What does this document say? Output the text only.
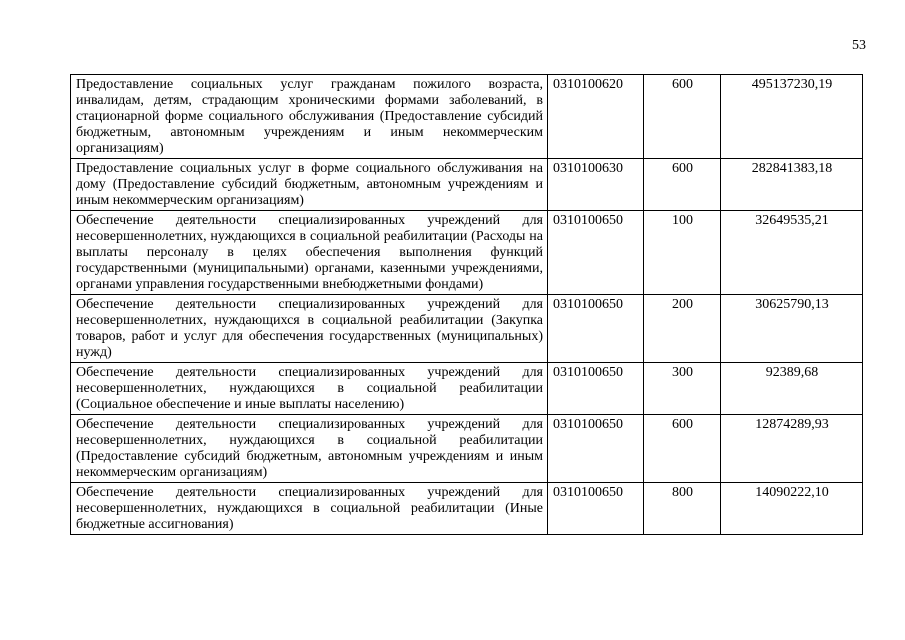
53
Предоставление социальных услуг гражданам пожилого возраста, инвалидам, детям, страдающим хроническими формами заболеваний, в стационарной форме социального обслуживания (Предоставление субсидий бюджетным, автономным учреждениям и иным некоммерческим организациям)	0310100620	600	495137230,19
Предоставление социальных услуг в форме социального обслуживания на дому (Предоставление субсидий бюджетным, автономным учреждениям и иным некоммерческим организациям)	0310100630	600	282841383,18
Обеспечение деятельности специализированных учреждений для несовершеннолетних, нуждающихся в социальной реабилитации (Расходы на выплаты персоналу в целях обеспечения выполнения функций государственными (муниципальными) органами, казенными учреждениями, органами управления государственными внебюджетными фондами)	0310100650	100	32649535,21
Обеспечение деятельности специализированных учреждений для несовершеннолетних, нуждающихся в социальной реабилитации (Закупка товаров, работ и услуг для обеспечения государственных (муниципальных) нужд)	0310100650	200	30625790,13
Обеспечение деятельности специализированных учреждений для несовершеннолетних, нуждающихся в социальной реабилитации (Социальное обеспечение и иные выплаты населению)	0310100650	300	92389,68
Обеспечение деятельности специализированных учреждений для несовершеннолетних, нуждающихся в социальной реабилитации (Предоставление субсидий бюджетным, автономным учреждениям и иным некоммерческим организациям)	0310100650	600	12874289,93
Обеспечение деятельности специализированных учреждений для несовершеннолетних, нуждающихся в социальной реабилитации (Иные бюджетные ассигнования)	0310100650	800	14090222,10
